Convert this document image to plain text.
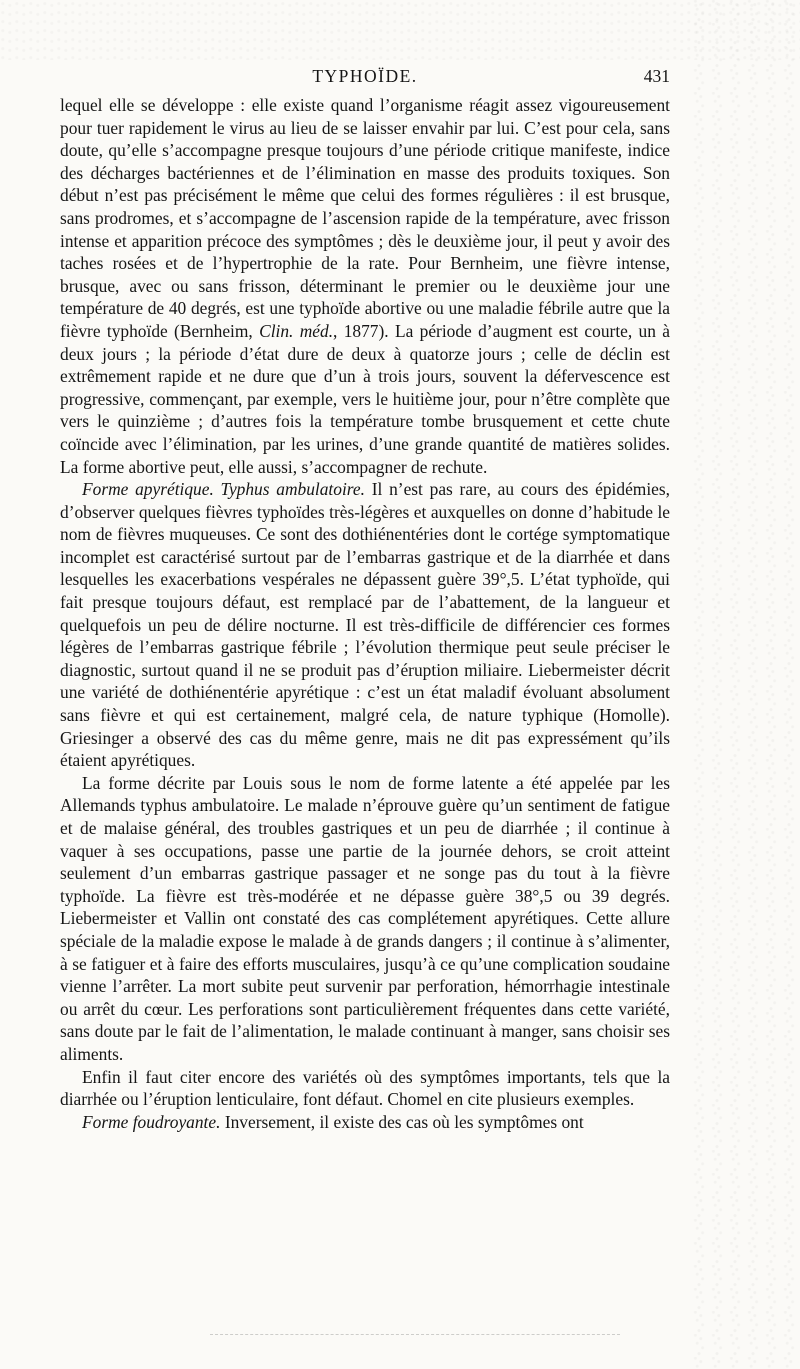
TYPHOÏDE.	431

lequel elle se développe : elle existe quand l’organisme réagit assez vigoureusement pour tuer rapidement le virus au lieu de se laisser envahir par lui. C’est pour cela, sans doute, qu’elle s’accompagne presque toujours d’une période critique manifeste, indice des décharges bactériennes et de l’élimination en masse des produits toxiques. Son début n’est pas précisément le même que celui des formes régulières : il est brusque, sans prodromes, et s’accompagne de l’ascension rapide de la température, avec frisson intense et apparition précoce des symptômes ; dès le deuxième jour, il peut y avoir des taches rosées et de l’hypertrophie de la rate. Pour Bernheim, une fièvre intense, brusque, avec ou sans frisson, déterminant le premier ou le deuxième jour une température de 40 degrés, est une typhoïde abortive ou une maladie fébrile autre que la fièvre typhoïde (Bernheim, Clin. méd., 1877). La période d’augment est courte, un à deux jours ; la période d’état dure de deux à quatorze jours ; celle de déclin est extrêmement rapide et ne dure que d’un à trois jours, souvent la défervescence est progressive, commençant, par exemple, vers le huitième jour, pour n’être complète que vers le quinzième ; d’autres fois la température tombe brusquement et cette chute coïncide avec l’élimination, par les urines, d’une grande quantité de matières solides. La forme abortive peut, elle aussi, s’accompagner de rechute.

Forme apyrétique. Typhus ambulatoire. Il n’est pas rare, au cours des épidémies, d’observer quelques fièvres typhoïdes très-légères et auxquelles on donne d’habitude le nom de fièvres muqueuses. Ce sont des dothiénentéries dont le cortége symptomatique incomplet est caractérisé surtout par de l’embarras gastrique et de la diarrhée et dans lesquelles les exacerbations vespérales ne dépassent guère 39°,5. L’état typhoïde, qui fait presque toujours défaut, est remplacé par de l’abattement, de la langueur et quelquefois un peu de délire nocturne. Il est très-difficile de différencier ces formes légères de l’embarras gastrique fébrile ; l’évolution thermique peut seule préciser le diagnostic, surtout quand il ne se produit pas d’éruption miliaire. Liebermeister décrit une variété de dothiénentérie apyrétique : c’est un état maladif évoluant absolument sans fièvre et qui est certainement, malgré cela, de nature typhique (Homolle). Griesinger a observé des cas du même genre, mais ne dit pas expressément qu’ils étaient apyrétiques.

La forme décrite par Louis sous le nom de forme latente a été appelée par les Allemands typhus ambulatoire. Le malade n’éprouve guère qu’un sentiment de fatigue et de malaise général, des troubles gastriques et un peu de diarrhée ; il continue à vaquer à ses occupations, passe une partie de la journée dehors, se croit atteint seulement d’un embarras gastrique passager et ne songe pas du tout à la fièvre typhoïde. La fièvre est très-modérée et ne dépasse guère 38°,5 ou 39 degrés. Liebermeister et Vallin ont constaté des cas complétement apyrétiques. Cette allure spéciale de la maladie expose le malade à de grands dangers ; il continue à s’alimenter, à se fatiguer et à faire des efforts musculaires, jusqu’à ce qu’une complication soudaine vienne l’arrêter. La mort subite peut survenir par perforation, hémorrhagie intestinale ou arrêt du cœur. Les perforations sont particulièrement fréquentes dans cette variété, sans doute par le fait de l’alimentation, le malade continuant à manger, sans choisir ses aliments.

Enfin il faut citer encore des variétés où des symptômes importants, tels que la diarrhée ou l’éruption lenticulaire, font défaut. Chomel en cite plusieurs exemples.

Forme foudroyante. Inversement, il existe des cas où les symptômes ont
